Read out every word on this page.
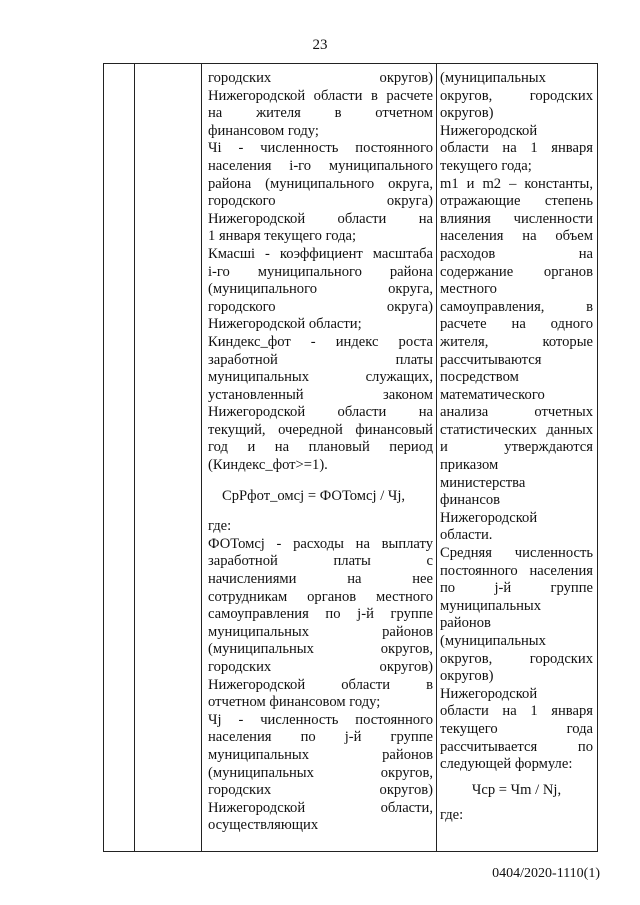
23
городских округов)
Нижегородской области в расчете
на жителя в отчетном
финансовом году;
Чi - численность постоянного
населения i-го муниципального
района (муниципального округа,
городского округа)
Нижегородской области на
1 января текущего года;
Кмасшi - коэффициент масштаба
i-го муниципального района
(муниципального округа,
городского округа)
Нижегородской области;
Киндекс_фот - индекс роста
заработной платы
муниципальных служащих,
установленный законом
Нижегородской области на
текущий, очередной финансовый
год и на плановый период
(Киндекс_фот>=1).
СрРфот_омсj = ФОТомсj / Чj,
где:
ФОТомсj - расходы на выплату
заработной платы с
начислениями на нее
сотрудникам органов местного
самоуправления по j-й группе
муниципальных районов
(муниципальных округов,
городских округов)
Нижегородской области в
отчетном финансовом году;
Чj - численность постоянного
населения по j-й группе
муниципальных районов
(муниципальных округов,
городских округов)
Нижегородской области,
осуществляющих
(муниципальных
округов, городских
округов)
Нижегородской
области на 1 января
текущего года;
m1 и m2 – константы,
отражающие степень
влияния численности
населения на объем
расходов на
содержание органов
местного
самоуправления, в
расчете на одного
жителя, которые
рассчитываются
посредством
математического
анализа отчетных
статистических данных
и утверждаются
приказом
министерства
финансов
Нижегородской
области.
Средняя численность
постоянного населения
по j-й группе
муниципальных
районов
(муниципальных
округов, городских
округов)
Нижегородской
области на 1 января
текущего года
рассчитывается по
следующей формуле:
Чср = Чm / Nj,
где:
0404/2020-1110(1)
